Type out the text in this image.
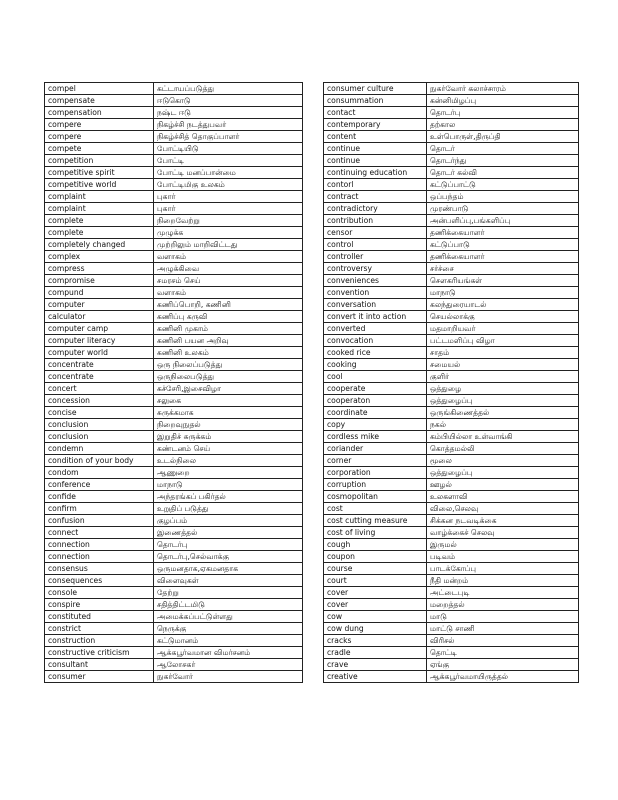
compel	கட்டாயப்படுத்து
compensate	ஈடுகொடு
compensation	நஷ்ட ஈடு
compere	நிகழ்ச்சி நடத்துபவர்
compere	நிகழ்ச்சித் தொகுப்பாளர்
compete	போட்டியிடு
competition	போட்டி
competitive spirit	போட்டி மனப்பான்மை
competitive world	போட்டிமிகு உலகம்
complaint	புகார்
complaint	புகார்
complete	நிறைவேற்று
complete	முழுக்க
completely changed	முற்றிலும் மாறிவிட்டது
complex	வளாகம்
compress	அழுக்கிவை
compromise	சமரசம் செய்
compund	வளாகம்
computer	கணிப்பொறி, கணினி
calculator	கணிப்பு கருவி
computer camp	கணினி முகாம்
computer literacy	கணினி பயன அறிவு
computer world	கணினி உலகம்
concentrate	ஒரு நிலைப்படுத்து
concentrate	ஒருநிலைபடுத்து
concert	கச்சேரி,இசைவிழா
concession	சலுகை
concise	சுருக்கமாக
conclusion	நிறைவுநுதல்
conclusion	இறுதிச் சுருக்கம்
condemn	கண்டனம் செய்
condition of your body	உடல்நிலை
condom	ஆணுறை
conference	மாநாடு
confide	அந்தரங்கப் பகிர்தல்
confirm	உறுதிப் படுத்து
confusion	குழப்பம்
connect	இணைத்தல்
connection	தொடர்பு
connection	தொடர்பு,செல்வாக்கு
consensus	ஒருமனதாக,ஏகமனதாக
consequences	விளைவுகள்
console	தேற்று
conspire	சதித்திட்டமிடு
constituted	அமைக்கப்பட்டுள்ளது
constrict	நெருக்கு
construction	கட்டுமானம்
constructive criticism	ஆக்கபூர்வமான விமர்சனம்
consultant	ஆலோசகர்
consumer	நுகர்வோர்
consumer culture	நுகர்வோர் கலாச்சாரம்
consummation	கன்னிமிழப்பு
contact	தொடர்பு
contemporary	தற்கால
content	உள்பொருள்,திருப்தி
continue	தொடர்
continue	தொடர்ந்து
continuing education	தொடர் கல்வி
contorl	கட்டுப்பாட்டு
contract	ஒப்பந்தம்
contradictory	முரண்பாடு
contribution	அன்பளிப்பு,பங்களிப்பு
censor	தணிக்கையாளர்
control	கட்டுப்பாடு
controller	தணிக்கையாளர்
controversy	சர்ச்சை
conveniences	சௌகரியங்கள்
convention	மாநாடு
conversation	கலந்துரையாடல்
convert it into action	செயல்லாக்கு
converted	மதமாறியவர்
convocation	பட்டமளிப்பு விழா
cooked rice	சாதம்
cooking	சமையல்
cool	குளிர்
cooperate	ஒத்துழை
cooperaton	ஒத்துழைப்பு
coordinate	ஒருங்கிணைத்தல்
copy	நகல்
cordless mike	கம்பியில்லா உள்வாங்கி
coriander	கொத்தமல்லி
corner	மூலை
corporation	ஒத்துழைப்பு
corruption	ஊழல்
cosmopolitan	உலகளாவி
cost	விலை,செலவு
cost cutting measure	சிக்கன நடவடிக்கை
cost of living	வாழ்க்கைச் செலவு
cough	இருமல்
coupon	படிவம்
course	பாடக்கோப்பு
court	நீதி மன்றம்
cover	அட்டைபுடி
cover	மறைத்தல்
cow	மாடு
cow dung	மாட்டு சாணி
cracks	விரிசல்
cradle	தொட்டி
crave	ஏங்கு
creative	ஆக்கபூர்வமாயிருத்தல்
